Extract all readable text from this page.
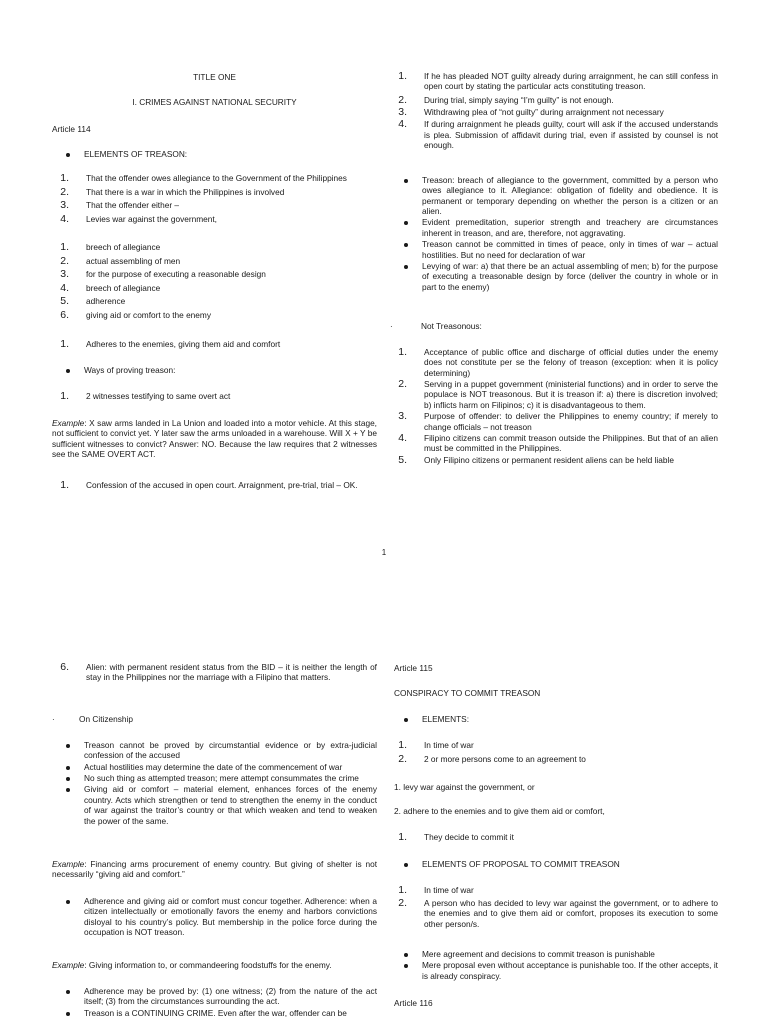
TITLE ONE

I. CRIMES AGAINST NATIONAL SECURITY

Article 114

ELEMENTS OF TREASON:
1.	That the offender owes allegiance to the Government of the Philippines
2.	That there is a war in which the Philippines is involved
3.	That the offender either –
4.	Levies war against the government,
1.	breech of allegiance
2.	actual assembling of men
3.	for the purpose of executing a reasonable design
4.	breech of allegiance
5.	adherence
6.	giving aid or comfort to the enemy
1.	Adheres to the enemies, giving them aid and comfort
Ways of proving treason:
1.	2 witnesses testifying to same overt act

Example: X saw arms landed in La Union and loaded into a motor vehicle. At this stage, not sufficient to convict yet. Y later saw the arms unloaded in a warehouse. Will X + Y be sufficient witnesses to convict? Answer: NO. Because the law requires that 2 witnesses see the SAME OVERT ACT.

1.	Confession of the accused in open court. Arraignment, pre-trial, trial – OK.
1.	If he has pleaded NOT guilty already during arraignment, he can still confess in open court by stating the particular acts constituting treason.
2.	During trial, simply saying “I’m guilty” is not enough.
3.	Withdrawing plea of “not guilty” during arraignment not necessary
4.	If during arraignment he pleads guilty, court will ask if the accused understands is plea. Submission of affidavit during trial, even if assisted by counsel is not enough.
Treason: breach of allegiance to the government, committed by a person who owes allegiance to it. Allegiance: obligation of fidelity and obedience. It is permanent or temporary depending on whether the person is a citizen or an alien.
Evident premeditation, superior strength and treachery are circumstances inherent in treason, and are, therefore, not aggravating.
Treason cannot be committed in times of peace, only in times of war – actual hostilities. But no need for declaration of war
Levying of war: a) that there be an actual assembling of men; b) for the purpose of executing a treasonable design by force (deliver the country in whole or in part to the enemy)
·	Not Treasonous:
1.	Acceptance of public office and discharge of official duties under the enemy does not constitute per se the felony of treason (exception: when it is policy determining)
2.	Serving in a puppet government (ministerial functions) and in order to serve the populace is NOT treasonous. But it is treason if: a) there is discretion involved; b) inflicts harm on Filipinos; c) it is disadvantageous to them.
3.	Purpose of offender: to deliver the Philippines to enemy country; if merely to change officials – not treason
4.	Filipino citizens can commit treason outside the Philippines. But that of an alien must be committed in the Philippines.
5.	Only Filipino citizens or permanent resident aliens can be held liable
1
6.	Alien: with permanent resident status from the BID – it is neither the length of stay in the Philippines nor the marriage with a Filipino that matters.
·	On Citizenship
Treason cannot be proved by circumstantial evidence or by extra-judicial confession of the accused
Actual hostilities may determine the date of the commencement of war
No such thing as attempted treason; mere attempt consummates the crime
Giving aid or comfort – material element, enhances forces of the enemy country. Acts which strengthen or tend to strengthen the enemy in the conduct of war against the traitor’s country or that which weaken and tend to weaken the power of the same.

Example: Financing arms procurement of enemy country. But giving of shelter is not necessarily “giving aid and comfort.”

Adherence and giving aid or comfort must concur together. Adherence: when a citizen intellectually or emotionally favors the enemy and harbors convictions disloyal to his country’s policy. But membership in the police force during the occupation is NOT treason.

Example: Giving information to, or commandeering foodstuffs for the enemy.

Adherence may be proved by: (1) one witness; (2) from the nature of the act itself; (3) from the circumstances surrounding the act.
Treason is a CONTINUING CRIME. Even after the war, offender can be

Article 115

CONSPIRACY TO COMMIT TREASON

ELEMENTS:
1.	In time of war
2.	2 or more persons come to an agreement to

1. levy war against the government, or

2. adhere to the enemies and to give them aid or comfort,

1.	They decide to commit it
ELEMENTS OF PROPOSAL TO COMMIT TREASON
1.	In time of war
2.	A person who has decided to levy war against the government, or to adhere to the enemies and to give them aid or comfort, proposes its execution to some other person/s.
Mere agreement and decisions to commit treason is punishable
Mere proposal even without acceptance is punishable too. If the other accepts, it is already conspiracy.

Article 116
